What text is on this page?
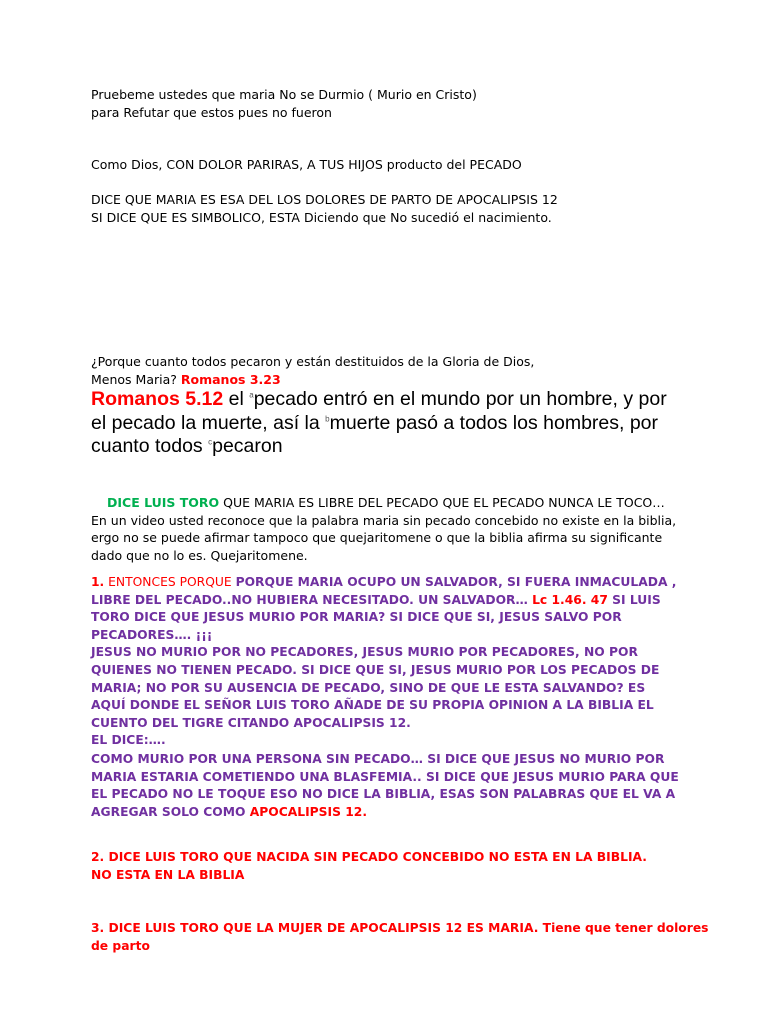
Pruebeme ustedes que maria No se Durmio ( Murio en Cristo)
para Refutar que estos pues no fueron

Como Dios, CON DOLOR PARIRAS, A TUS HIJOS producto del PECADO

DICE QUE MARIA ES ESA DEL LOS DOLORES DE PARTO DE APOCALIPSIS 12
SI DICE QUE ES SIMBOLICO, ESTA Diciendo que No sucedió el nacimiento.

¿Porque cuanto todos pecaron y están destituidos de la Gloria de Dios,
Menos Maria? Romanos 3.23

Romanos 5.12 el $^a$pecado entró en el mundo por un hombre, y por el pecado la muerte, así la $^b$muerte pasó a todos los hombres, por cuanto todos $^c$pecaron

DICE LUIS TORO QUE MARIA ES LIBRE DEL PECADO QUE EL PECADO NUNCA LE TOCO…
En un video usted reconoce que la palabra maria sin pecado concebido no existe en la biblia, ergo no se puede afirmar tampoco que quejaritomene o que la biblia afirma su significante dado que no lo es. Quejaritomene.

1. ENTONCES PORQUE PORQUE MARIA OCUPO UN SALVADOR, SI FUERA INMACULADA , LIBRE DEL PECADO..NO HUBIERA NECESITADO. UN SALVADOR… Lc 1.46. 47 SI LUIS TORO DICE QUE JESUS MURIO POR MARIA? SI DICE QUE SI, JESUS SALVO POR PECADORES…. ¡¡¡
JESUS NO MURIO POR NO PECADORES, JESUS MURIO POR PECADORES, NO POR QUIENES NO TIENEN PECADO. SI DICE QUE SI, JESUS MURIO POR LOS PECADOS DE MARIA; NO POR SU AUSENCIA DE PECADO, SINO DE QUE LE ESTA SALVANDO? ES AQUÍ DONDE EL SEÑOR LUIS TORO AÑADE DE SU PROPIA OPINION A LA BIBLIA EL CUENTO DEL TIGRE CITANDO APOCALIPSIS 12.
EL DICE:….

COMO MURIO POR UNA PERSONA SIN PECADO… SI DICE QUE JESUS NO MURIO POR MARIA ESTARIA COMETIENDO UNA BLASFEMIA.. SI DICE QUE JESUS MURIO PARA QUE EL PECADO NO LE TOQUE ESO NO DICE LA BIBLIA, ESAS SON PALABRAS QUE EL VA A AGREGAR SOLO COMO APOCALIPSIS 12.

2. DICE LUIS TORO QUE NACIDA SIN PECADO CONCEBIDO NO ESTA EN LA BIBLIA.
NO ESTA EN LA BIBLIA

3. DICE LUIS TORO QUE LA MUJER DE APOCALIPSIS 12 ES MARIA. Tiene que tener dolores de parto
